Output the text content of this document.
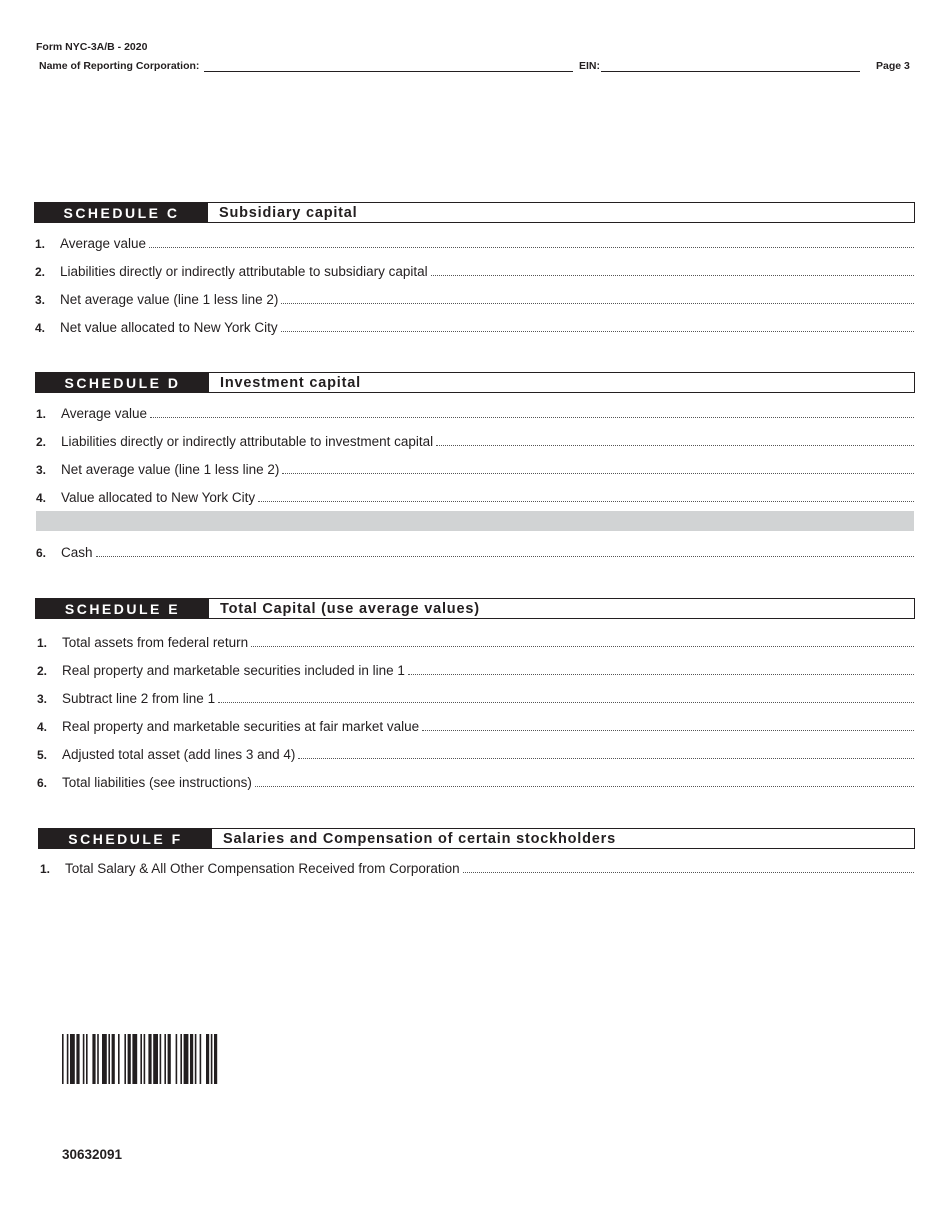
Form NYC-3A/B - 2020
Name of Reporting Corporation:	EIN:	Page 3
SCHEDULE C	Subsidiary capital
1.	Average value
2.	Liabilities directly or indirectly attributable to subsidiary capital
3.	Net average value (line 1 less line 2)
4.	Net value allocated to New York City
SCHEDULE D	Investment capital
1.	Average value
2.	Liabilities directly or indirectly attributable to investment capital
3.	Net average value (line 1 less line 2)
4.	Value allocated to New York City
6.	Cash
SCHEDULE E	Total Capital (use average values)
1.	Total assets from federal return
2.	Real property and marketable securities included in line 1
3.	Subtract line 2 from line 1
4.	Real property and marketable securities at fair market value
5.	Adjusted total asset (add lines 3 and 4)
6.	Total liabilities (see instructions)
SCHEDULE F	Salaries and Compensation of certain stockholders
1.	Total Salary & All Other Compensation Received from Corporation
30632091
